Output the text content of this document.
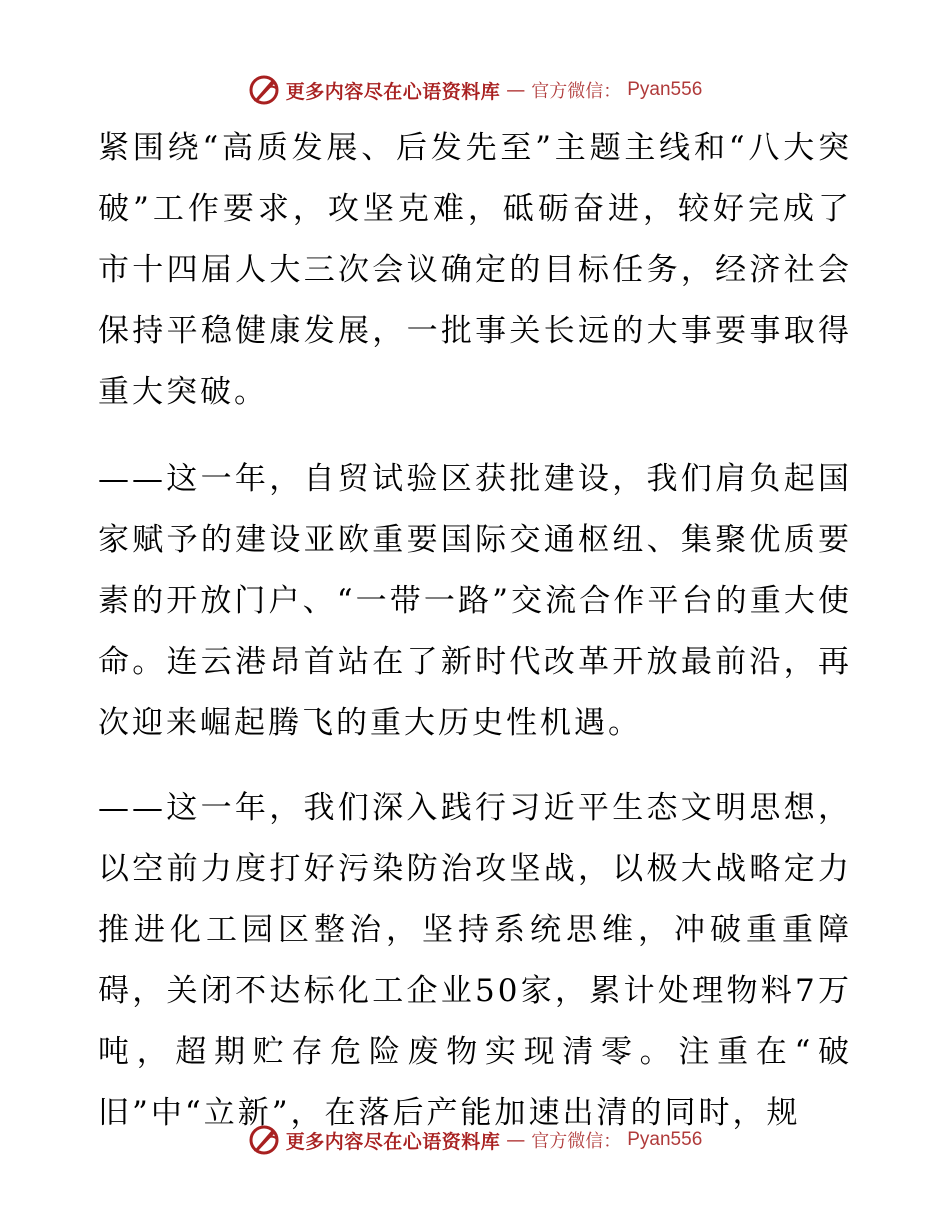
更多内容尽在心语资料库 — 官方微信： Pyan556

紧围绕“高质发展、后发先至”主题主线和“八大突破”工作要求，攻坚克难，砥砺奋进，较好完成了市十四届人大三次会议确定的目标任务，经济社会保持平稳健康发展，一批事关长远的大事要事取得重大突破。

——这一年，自贸试验区获批建设，我们肩负起国家赋予的建设亚欧重要国际交通枢纽、集聚优质要素的开放门户、“一带一路”交流合作平台的重大使命。连云港昂首站在了新时代改革开放最前沿，再次迎来崛起腾飞的重大历史性机遇。

——这一年，我们深入践行习近平生态文明思想，以空前力度打好污染防治攻坚战，以极大战略定力推进化工园区整治，坚持系统思维，冲破重重障碍，关闭不达标化工企业50家，累计处理物料7万吨，超期贮存危险废物实现清零。注重在“破旧”中“立新”，在落后产能加速出清的同时，规

更多内容尽在心语资料库 — 官方微信： Pyan556
